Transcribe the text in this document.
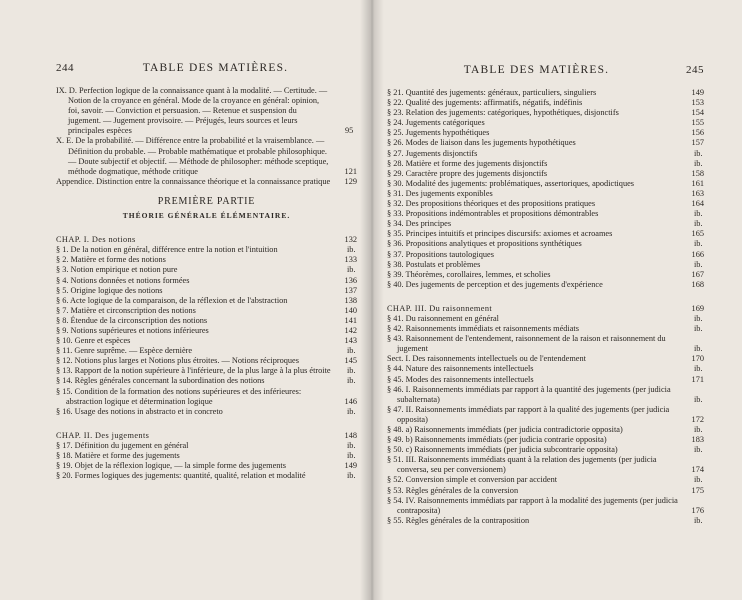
244	TABLE DES MATIÈRES.

IX. D. Perfection logique de la connaissance quant à la modalité. — Certitude. — Notion de la croyance en général. Mode de la croyance en général: opinion, foi, savoir. — Conviction et persuasion. — Retenue et suspension du jugement. — Jugement provisoire. — Préjugés, leurs sources et leurs principales espèces	95

X. E. De la probabilité. — Différence entre la probabilité et la vraisemblance. — Définition du probable. — Probable mathématique et probable philosophique. — Doute subjectif et objectif. — Méthode de philosopher: méthode sceptique, méthode dogmatique, méthode critique	121

Appendice. Distinction entre la connaissance théorique et la connaissance pratique 129

PREMIÈRE PARTIE
THÉORIE GÉNÉRALE ÉLÉMENTAIRE.

CHAP. I. Des notions	132

§ 1. De la notion en général, différence entre la notion et l'intuition	ib.

§ 2. Matière et forme des notions	133

§ 3. Notion empirique et notion pure	ib.

§ 4. Notions données et notions formées	136

§ 5. Origine logique des notions	137

§ 6. Acte logique de la comparaison, de la réflexion et de l'abstraction	138

§ 7. Matière et circonscription des notions	140

§ 8. Étendue de la circonscription des notions	141

§ 9. Notions supérieures et notions inférieures	142

§ 10. Genre et espèces	143

§ 11. Genre suprême. — Espèce dernière	ib.

§ 12. Notions plus larges et Notions plus étroites. — Notions réciproques	145

§ 13. Rapport de la notion supérieure à l'inférieure, de la plus large à la plus étroite ib.

§ 14. Règles générales concernant la subordination des notions	ib.

§ 15. Condition de la formation des notions supérieures et des inférieures: abstraction logique et détermination logique	146

§ 16. Usage des notions in abstracto et in concreto	ib.

CHAP. II. Des jugements	148

§ 17. Définition du jugement en général	ib.

§ 18. Matière et forme des jugements	ib.

§ 19. Objet de la réflexion logique, — la simple forme des jugements	149

§ 20. Formes logiques des jugements: quantité, qualité, relation et modalité	ib.

TABLE DES MATIÈRES.	245

§ 21. Quantité des jugements: généraux, particuliers, singuliers	149

§ 22. Qualité des jugements: affirmatifs, négatifs, indéfinis	153

§ 23. Relation des jugements: catégoriques, hypothétiques, disjonctifs	154

§ 24. Jugements catégoriques	155

§ 25. Jugements hypothétiques	156

§ 26. Modes de liaison dans les jugements hypothétiques	157

§ 27. Jugements disjonctifs	ib.

§ 28. Matière et forme des jugements disjonctifs	ib.

§ 29. Caractère propre des jugements disjonctifs	158

§ 30. Modalité des jugements: problématiques, assertoriques, apodictiques	161

§ 31. Des jugements exponibles	163

§ 32. Des propositions théoriques et des propositions pratiques	164

§ 33. Propositions indémontrables et propositions démontrables	ib.

§ 34. Des principes	ib.

§ 35. Principes intuitifs et principes discursifs: axiomes et acroames	165

§ 36. Propositions analytiques et propositions synthétiques	ib.

§ 37. Propositions tautologiques	166

§ 38. Postulats et problèmes	ib.

§ 39. Théorèmes, corollaires, lemmes, et scholies	167

§ 40. Des jugements de perception et des jugements d'expérience	168

CHAP. III. Du raisonnement	169

§ 41. Du raisonnement en général	ib.

§ 42. Raisonnements immédiats et raisonnements médiats	ib.

§ 43. Raisonnement de l'entendement, raisonnement de la raison et raisonnement du jugement	ib.

Sect. I. Des raisonnements intellectuels ou de l'entendement	170

§ 44. Nature des raisonnements intellectuels	ib.

§ 45. Modes des raisonnements intellectuels	171

§ 46. I. Raisonnements immédiats par rapport à la quantité des jugements (per judicia subalternata)	ib.

§ 47. II. Raisonnements immédiats par rapport à la qualité des jugements (per judicia opposita)	172

§ 48. a) Raisonnements immédiats (per judicia contradictorie opposita)	ib.

§ 49. b) Raisonnements immédiats (per judicia contrarie opposita)	183

§ 50. c) Raisonnements immédiats (per judicia subcontrarie opposita)	ib.

§ 51. III. Raisonnements immédiats quant à la relation des jugements (per judicia conversa, seu per conversionem)	174

§ 52. Conversion simple et conversion par accident	ib.

§ 53. Règles générales de la conversion	175

§ 54. IV. Raisonnements immédiats par rapport à la modalité des jugements (per judicia contraposita)	176

§ 55. Règles générales de la contraposition	ib.
